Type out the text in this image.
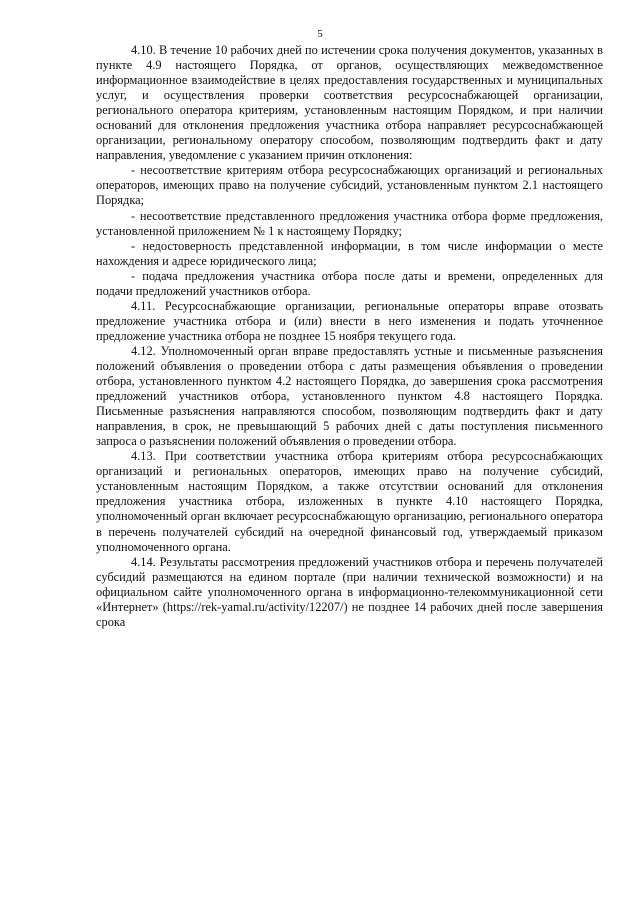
5

4.10. В течение 10 рабочих дней по истечении срока получения документов, указанных в пункте 4.9 настоящего Порядка, от органов, осуществляющих межведомственное информационное взаимодействие в целях предоставления государственных и муниципальных услуг, и осуществления проверки соответствия ресурсоснабжающей организации, регионального оператора критериям, установленным настоящим Порядком, и при наличии оснований для отклонения предложения участника отбора направляет ресурсоснабжающей организации, региональному оператору способом, позволяющим подтвердить факт и дату направления, уведомление с указанием причин отклонения:

- несоответствие критериям отбора ресурсоснабжающих организаций и региональных операторов, имеющих право на получение субсидий, установленным пунктом 2.1 настоящего Порядка;

- несоответствие представленного предложения участника отбора форме предложения, установленной приложением № 1 к настоящему Порядку;

- недостоверность представленной информации, в том числе информации о месте нахождения и адресе юридического лица;

- подача предложения участника отбора после даты и времени, определенных для подачи предложений участников отбора.

4.11. Ресурсоснабжающие организации, региональные операторы вправе отозвать предложение участника отбора и (или) внести в него изменения и подать уточненное предложение участника отбора не позднее 15 ноября текущего года.

4.12. Уполномоченный орган вправе предоставлять устные и письменные разъяснения положений объявления о проведении отбора с даты размещения объявления о проведении отбора, установленного пунктом 4.2 настоящего Порядка, до завершения срока рассмотрения предложений участников отбора, установленного пунктом 4.8 настоящего Порядка. Письменные разъяснения направляются способом, позволяющим подтвердить факт и дату направления, в срок, не превышающий 5 рабочих дней с даты поступления письменного запроса о разъяснении положений объявления о проведении отбора.

4.13. При соответствии участника отбора критериям отбора ресурсоснабжающих организаций и региональных операторов, имеющих право на получение субсидий, установленным настоящим Порядком, а также отсутствии оснований для отклонения предложения участника отбора, изложенных в пункте 4.10 настоящего Порядка, уполномоченный орган включает ресурсоснабжающую организацию, регионального оператора в перечень получателей субсидий на очередной финансовый год, утверждаемый приказом уполномоченного органа.

4.14. Результаты рассмотрения предложений участников отбора и перечень получателей субсидий размещаются на едином портале (при наличии технической возможности) и на официальном сайте уполномоченного органа в информационно-телекоммуникационной сети «Интернет» (https://rek-yamal.ru/activity/12207/) не позднее 14 рабочих дней после завершения срока
